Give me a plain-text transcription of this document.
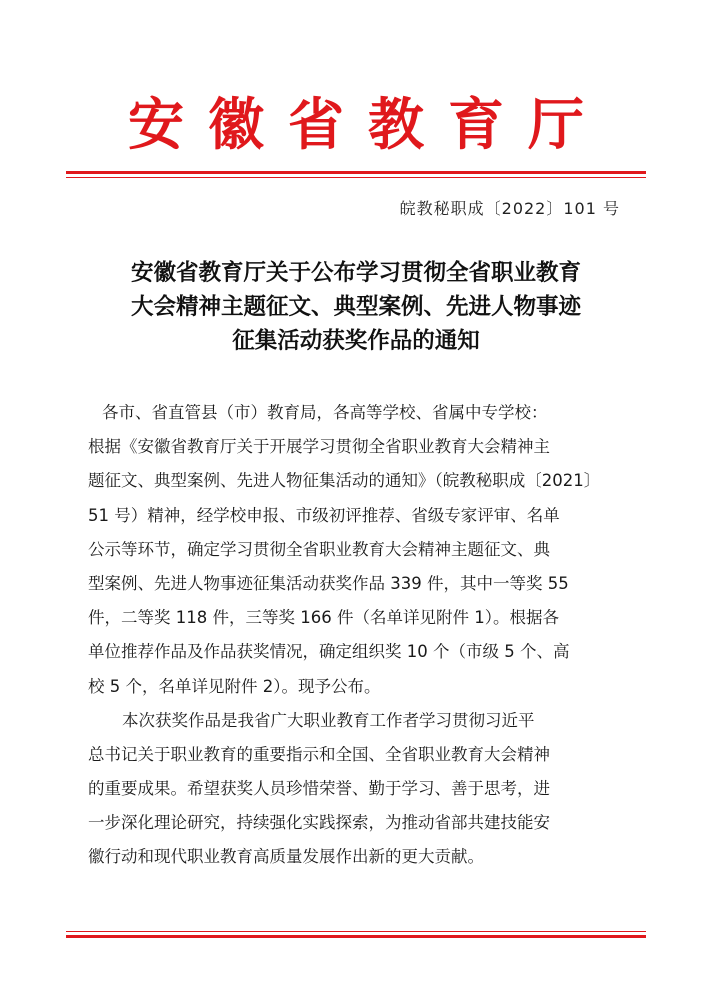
安徽省教育厅
皖教秘职成〔2022〕101 号
安徽省教育厅关于公布学习贯彻全省职业教育
大会精神主题征文、典型案例、先进人物事迹
征集活动获奖作品的通知
各市、省直管县（市）教育局，各高等学校、省属中专学校：
根据《安徽省教育厅关于开展学习贯彻全省职业教育大会精神主
题征文、典型案例、先进人物征集活动的通知》（皖教秘职成〔2021〕
51 号）精神，经学校申报、市级初评推荐、省级专家评审、名单
公示等环节，确定学习贯彻全省职业教育大会精神主题征文、典
型案例、先进人物事迹征集活动获奖作品 339 件，其中一等奖 55
件，二等奖 118 件，三等奖 166 件（名单详见附件 1）。根据各
单位推荐作品及作品获奖情况，确定组织奖 10 个（市级 5 个、高
校 5 个，名单详见附件 2）。现予公布。
本次获奖作品是我省广大职业教育工作者学习贯彻习近平
总书记关于职业教育的重要指示和全国、全省职业教育大会精神
的重要成果。希望获奖人员珍惜荣誉、勤于学习、善于思考，进
一步深化理论研究，持续强化实践探索，为推动省部共建技能安
徽行动和现代职业教育高质量发展作出新的更大贡献。
